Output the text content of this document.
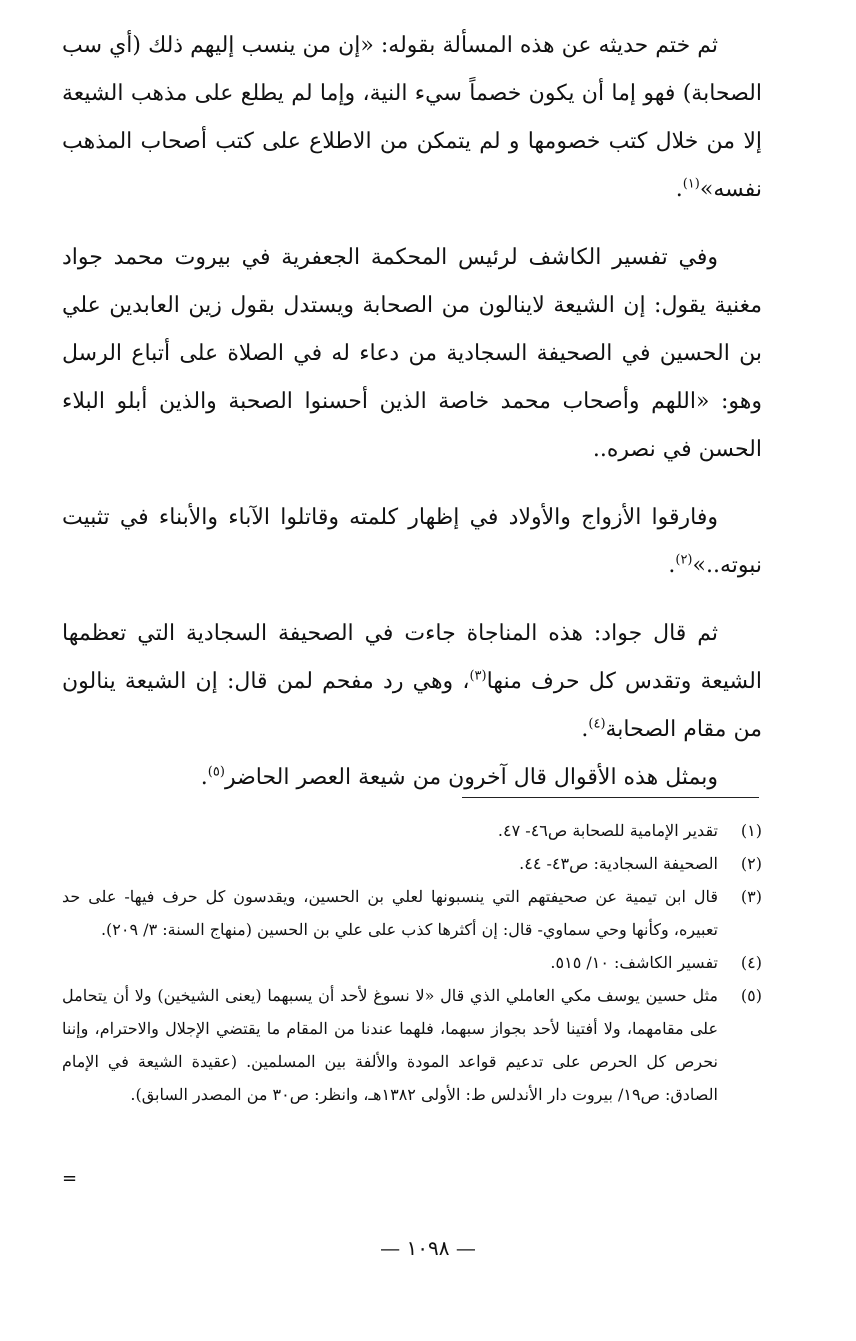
ثم ختم حديثه عن هذه المسألة بقوله: «إن من ينسب إليهم ذلك (أي سب الصحابة) فهو إما أن يكون خصماً سيء النية، وإما لم يطلع على مذهب الشيعة إلا من خلال كتب خصومها و لم يتمكن من الاطلاع على كتب أصحاب المذهب نفسه»$^{(١)}$.

وفي تفسير الكاشف لرئيس المحكمة الجعفرية في بيروت محمد جواد مغنية يقول: إن الشيعة لاينالون من الصحابة ويستدل بقول زين العابدين علي بن الحسين في الصحيفة السجادية من دعاء له في الصلاة على أتباع الرسل وهو: «اللهم وأصحاب محمد خاصة الذين أحسنوا الصحبة والذين أبلو البلاء الحسن في نصره..

وفارقوا الأزواج والأولاد في إظهار كلمته وقاتلوا الآباء والأبناء في تثبيت نبوته..»$^{(٢)}$.

ثم قال جواد: هذه المناجاة جاءت في الصحيفة السجادية التي تعظمها الشيعة وتقدس كل حرف منها$^{(٣)}$، وهي رد مفحم لمن قال: إن الشيعة ينالون من مقام الصحابة$^{(٤)}$.

وبمثل هذه الأقوال قال آخرون من شيعة العصر الحاضر$^{(٥)}$.

(١)
تقدير الإمامية للصحابة ص٤٦- ٤٧.
(٢)
الصحيفة السجادية: ص٤٣- ٤٤.
(٣)
قال ابن تيمية عن صحيفتهم التي ينسبونها لعلي بن الحسين، ويقدسون كل حرف فيها- على حد تعبيره، وكأنها وحي سماوي- قال: إن أكثرها كذب على علي بن الحسين (منهاج السنة: ٣/ ٢٠٩).
(٤)
تفسير الكاشف: ١٠/ ٥١٥.
(٥)
مثل حسين يوسف مكي العاملي الذي قال «لا نسوغ لأحد أن يسبهما (يعنى الشيخين) ولا أن يتحامل على مقامهما، ولا أفتينا لأحد بجواز سبهما، فلهما عندنا من المقام ما يقتضي الإجلال والاحترام، وإننا نحرص كل الحرص على تدعيم قواعد المودة والألفة بين المسلمين. (عقيدة الشيعة في الإمام الصادق: ص١٩/ بيروت دار الأندلس ط: الأولى ١٣٨٢هـ، وانظر: ص٣٠ من المصدر السابق).
=
— ١٠٩٨ —
